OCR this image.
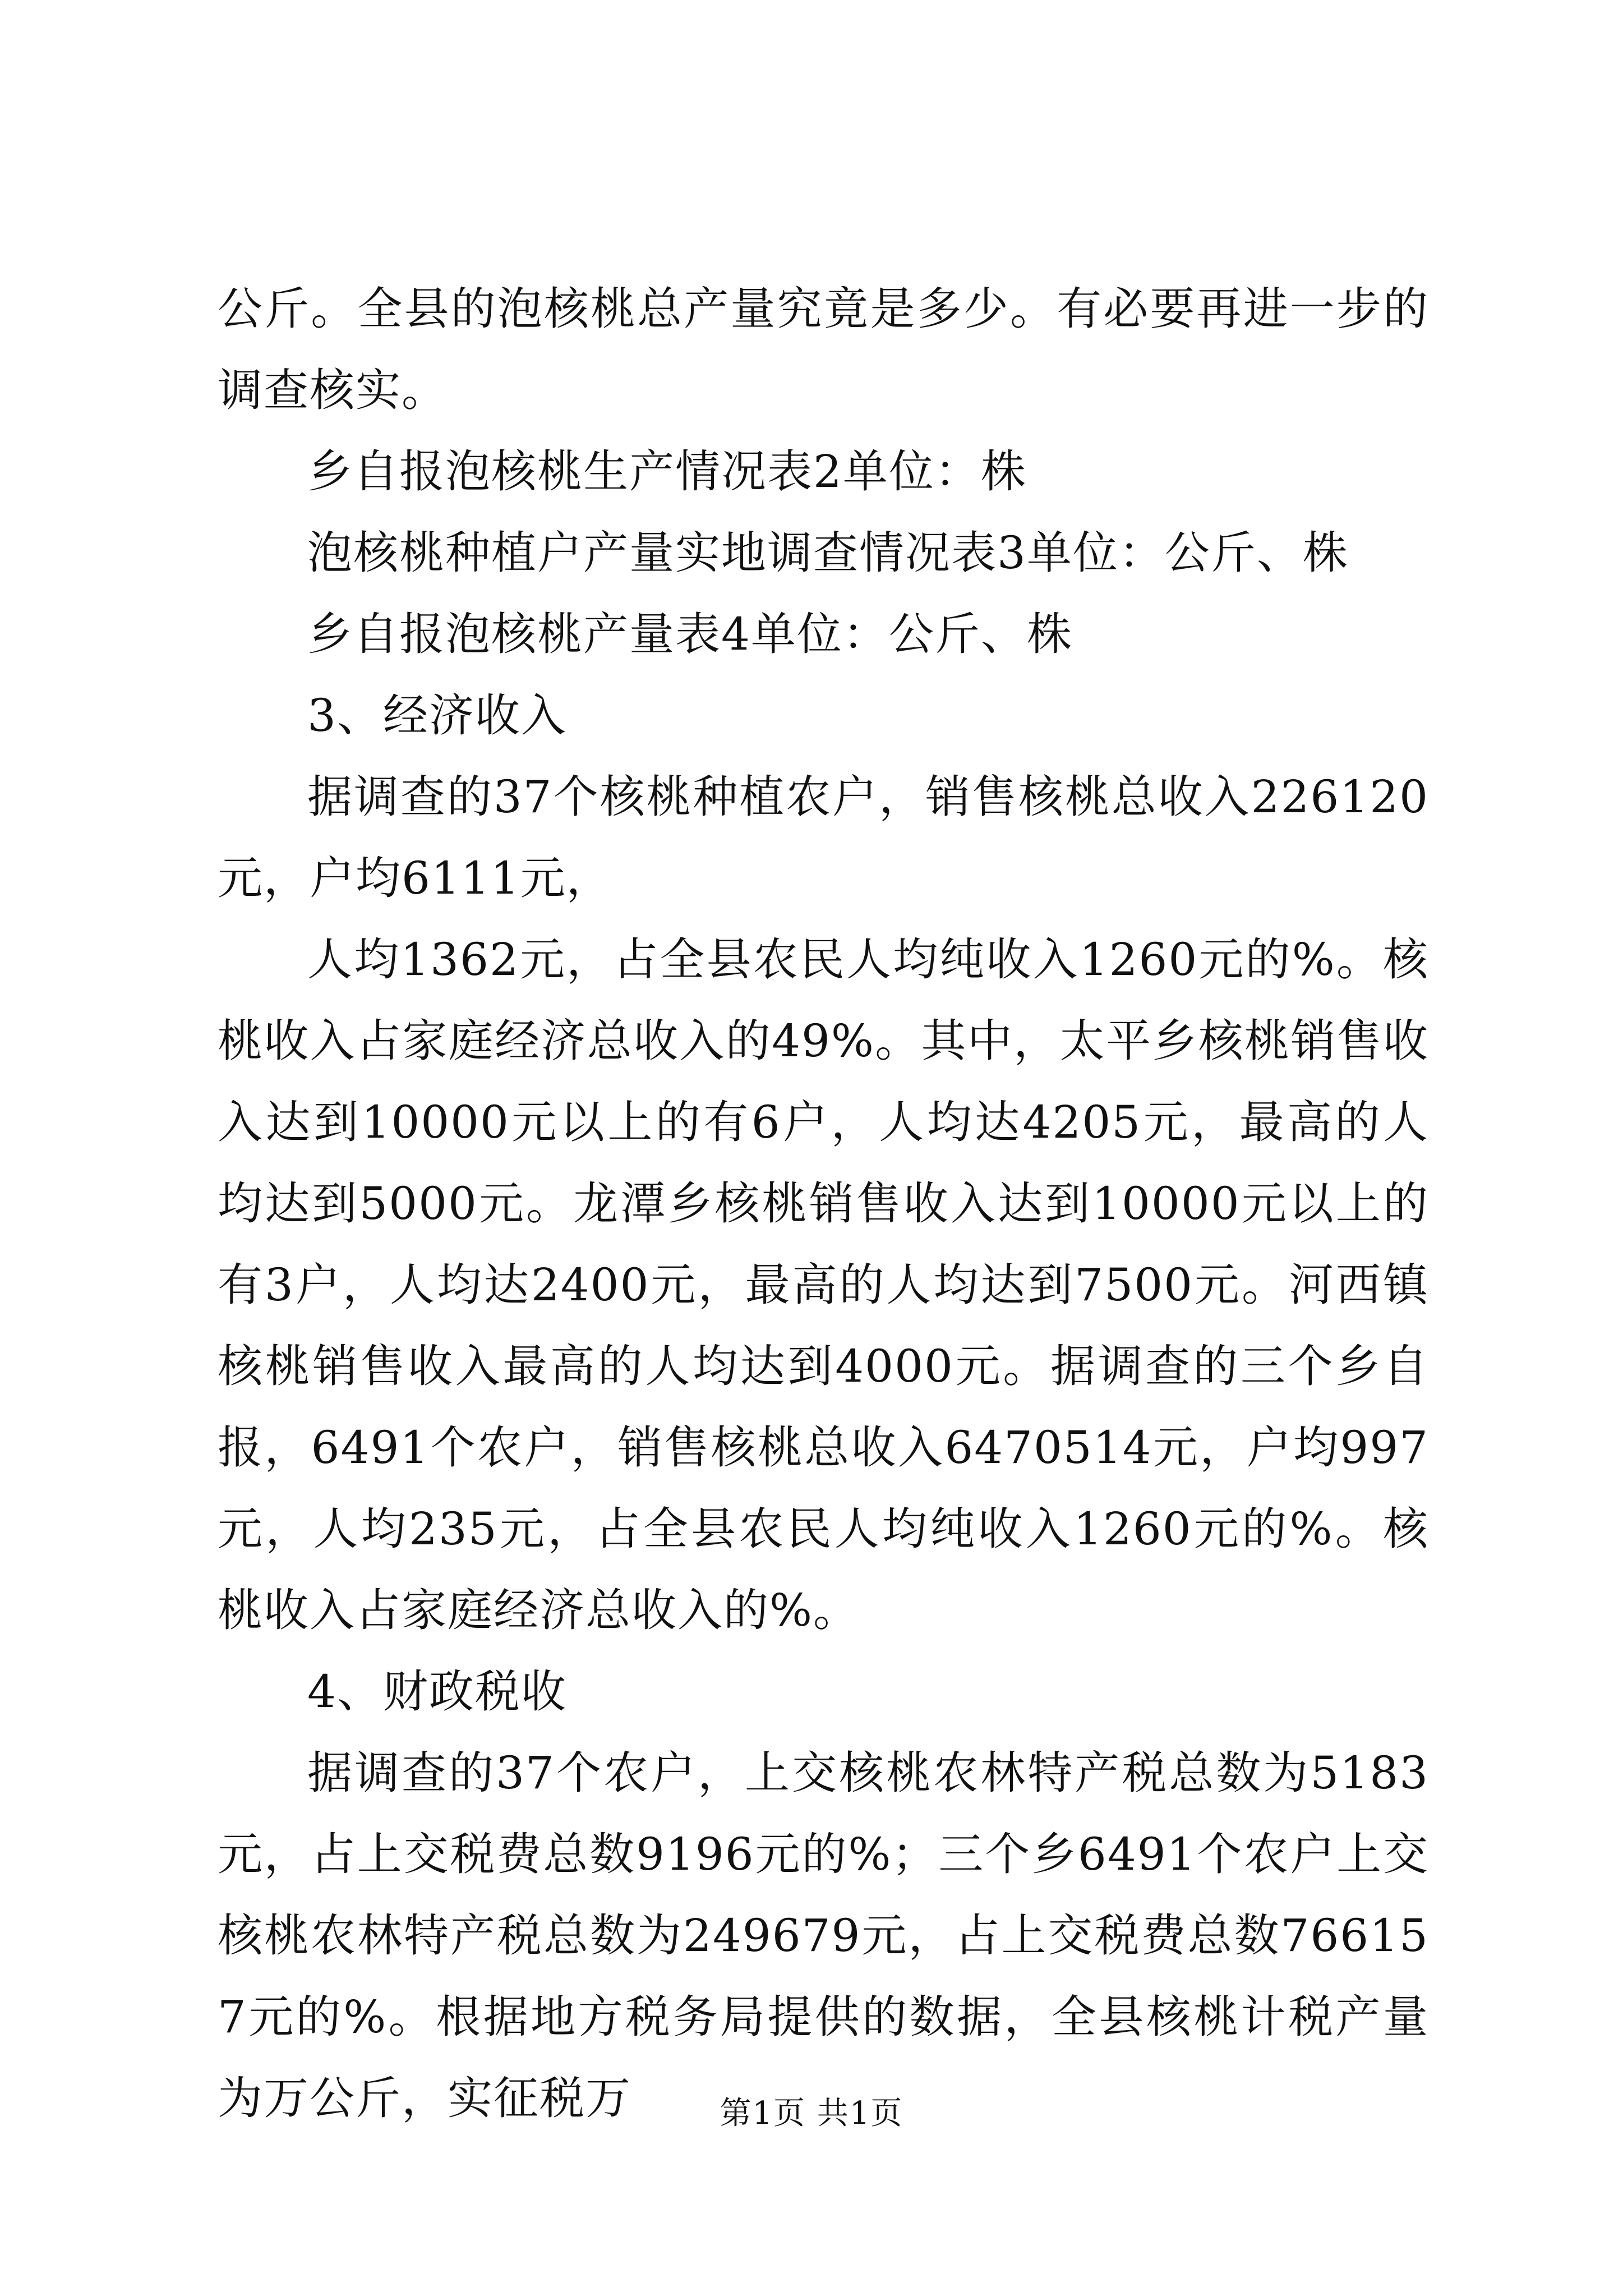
公斤。全县的泡核桃总产量究竟是多少。有必要再进一步的调查核实。

乡自报泡核桃生产情况表2单位：株

泡核桃种植户产量实地调查情况表3单位：公斤、株

乡自报泡核桃产量表4单位：公斤、株

3、经济收入

据调查的37个核桃种植农户，销售核桃总收入226120元，户均6111元，

人均1362元，占全县农民人均纯收入1260元的%。核桃收入占家庭经济总收入的49%。其中，太平乡核桃销售收入达到10000元以上的有6户，人均达4205元，最高的人均达到5000元。龙潭乡核桃销售收入达到10000元以上的有3户，人均达2400元，最高的人均达到7500元。河西镇核桃销售收入最高的人均达到4000元。据调查的三个乡自报，6491个农户，销售核桃总收入6470514元，户均997元，人均235元，占全县农民人均纯收入1260元的%。核桃收入占家庭经济总收入的%。

4、财政税收

据调查的37个农户，上交核桃农林特产税总数为5183元，占上交税费总数9196元的%；三个乡6491个农户上交核桃农林特产税总数为249679元，占上交税费总数766157元的%。根据地方税务局提供的数据，全县核桃计税产量为万公斤，实征税万	第1页 共1页
